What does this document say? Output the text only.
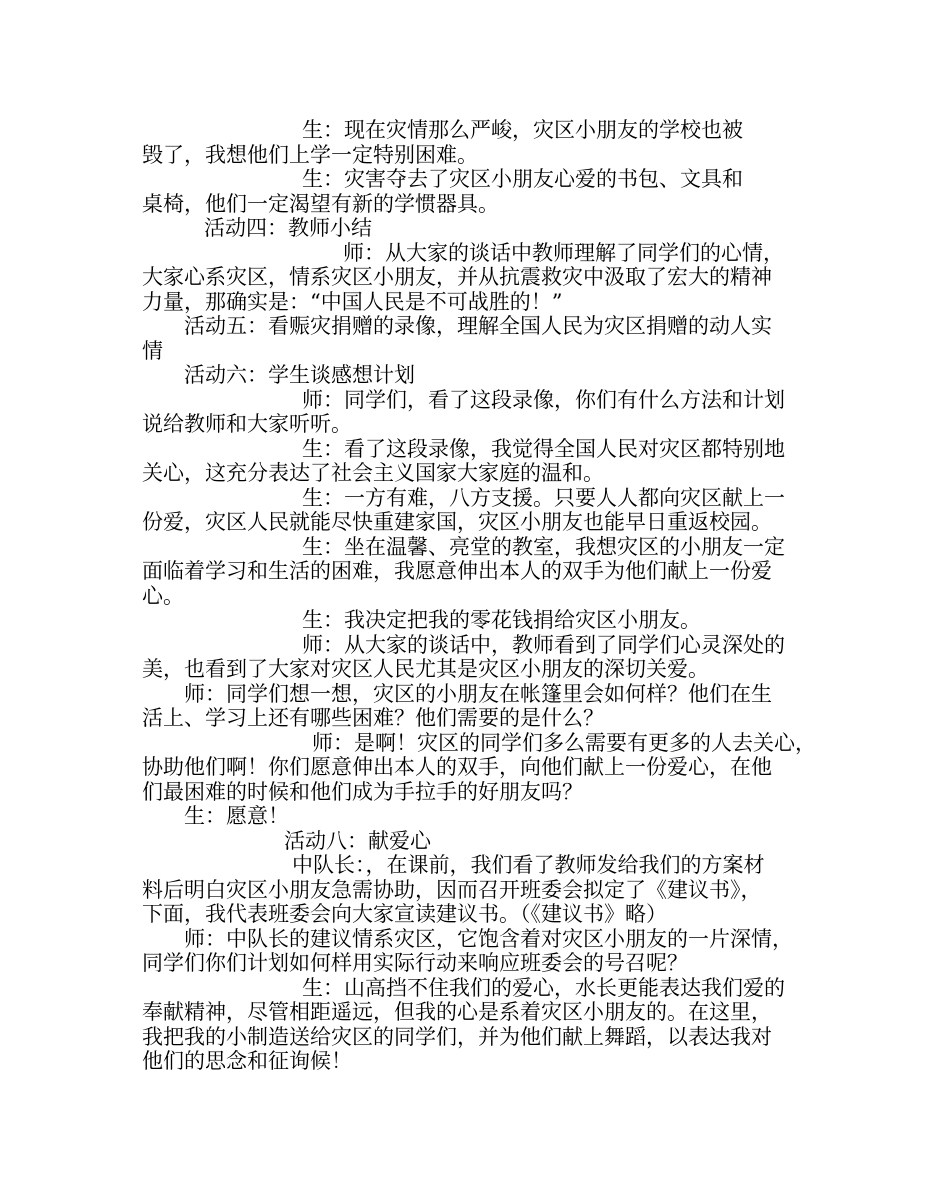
生：现在灾情那么严峻，灾区小朋友的学校也被
毁了，我想他们上学一定特别困难。
生：灾害夺去了灾区小朋友心爱的书包、文具和
桌椅，他们一定渴望有新的学惯器具。
活动四：教师小结
师：从大家的谈话中教师理解了同学们的心情，
大家心系灾区，情系灾区小朋友，并从抗震救灾中汲取了宏大的精神
力量，那确实是：“中国人民是不可战胜的！”
活动五：看赈灾捐赠的录像，理解全国人民为灾区捐赠的动人实
情
活动六：学生谈感想计划
师：同学们，看了这段录像，你们有什么方法和计划
说给教师和大家听听。
生：看了这段录像，我觉得全国人民对灾区都特别地
关心，这充分表达了社会主义国家大家庭的温和。
生：一方有难，八方支援。只要人人都向灾区献上一
份爱，灾区人民就能尽快重建家国，灾区小朋友也能早日重返校园。
生：坐在温馨、亮堂的教室，我想灾区的小朋友一定
面临着学习和生活的困难，我愿意伸出本人的双手为他们献上一份爱
心。
生：我决定把我的零花钱捐给灾区小朋友。
师：从大家的谈话中，教师看到了同学们心灵深处的
美，也看到了大家对灾区人民尤其是灾区小朋友的深切关爱。
师：同学们想一想，灾区的小朋友在帐篷里会如何样？他们在生
活上、学习上还有哪些困难？他们需要的是什么？
师：是啊！灾区的同学们多么需要有更多的人去关心，
协助他们啊！你们愿意伸出本人的双手，向他们献上一份爱心，在他
们最困难的时候和他们成为手拉手的好朋友吗？
生：愿意！
活动八：献爱心
中队长：，在课前，我们看了教师发给我们的方案材
料后明白灾区小朋友急需协助，因而召开班委会拟定了《建议书》，
下面，我代表班委会向大家宣读建议书。（《建议书》略）
师：中队长的建议情系灾区，它饱含着对灾区小朋友的一片深情，
同学们你们计划如何样用实际行动来响应班委会的号召呢？
生：山高挡不住我们的爱心，水长更能表达我们爱的
奉献精神，尽管相距遥远，但我的心是系着灾区小朋友的。在这里，
我把我的小制造送给灾区的同学们，并为他们献上舞蹈，以表达我对
他们的思念和征询候！
